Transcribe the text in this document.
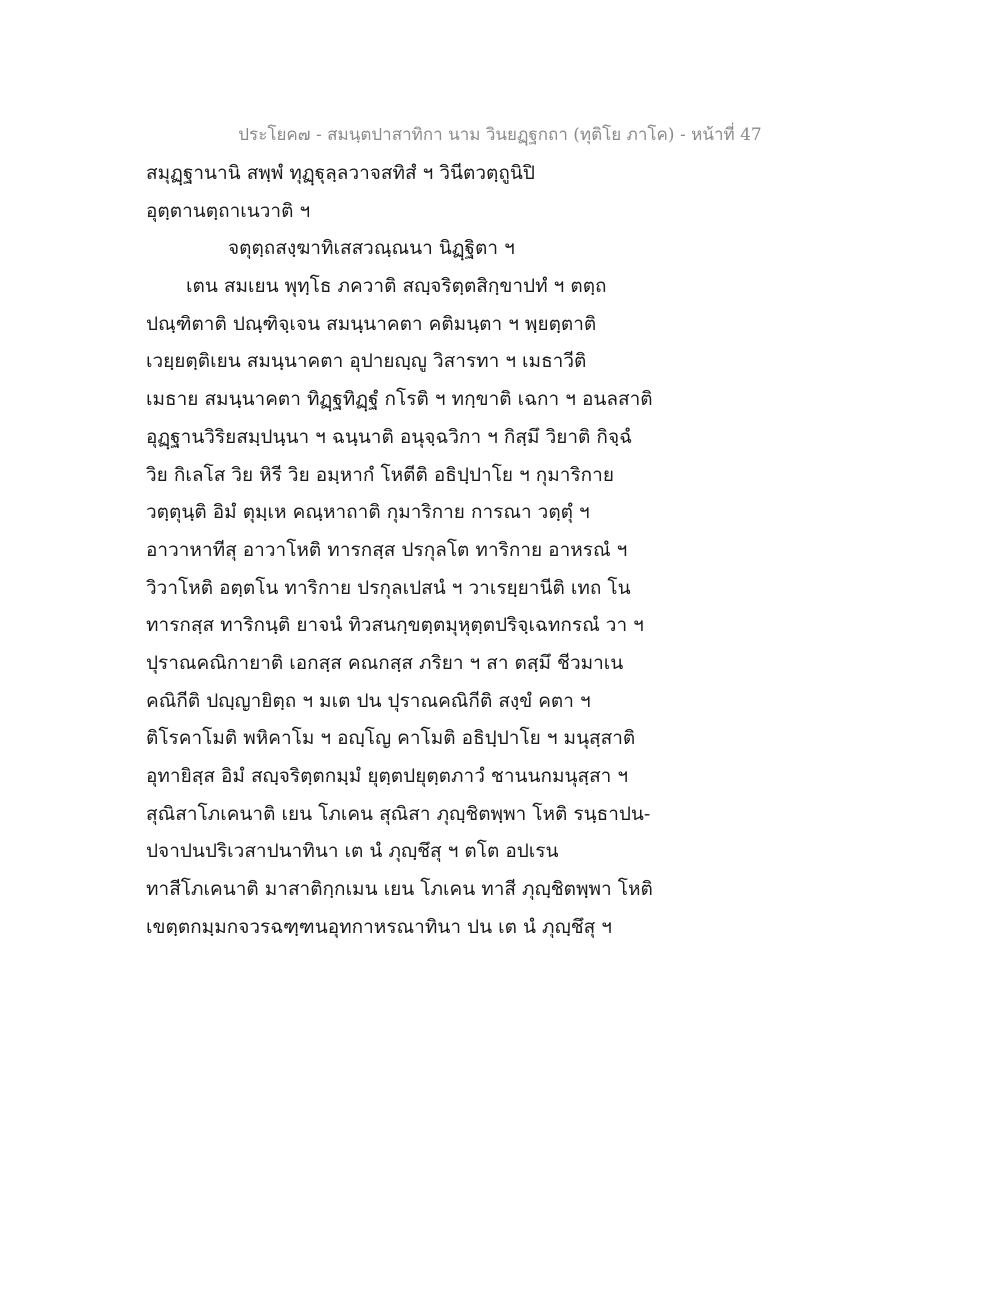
ประโยค๗ - สมนฺตปาสาทิกา นาม วินยฏฺฐกถา (ทุติโย ภาโค) - หน้าที่ 47
สมุฏฺฐานานิ สพฺพํ ทุฏฺฐุลฺลวาจสทิสํ ฯ วินีตวตฺถูนิปิ
อุตฺตานตฺถาเนวาติ ฯ
จตุตฺถสงฺฆาทิเสสวณฺณนา นิฏฺฐิตา ฯ
เตน สมเยน พุทฺโธ ภควาติ สญฺจริตฺตสิกฺขาปทํ ฯ ตตฺถ
ปณฺฑิตาติ ปณฺฑิจฺเจน สมนฺนาคตา คติมนฺตา ฯ พฺยตฺตาติ
เวยฺยตฺติเยน สมนฺนาคตา อุปายญฺญู วิสารทา ฯ เมธาวีติ
เมธาย สมนฺนาคตา ทิฏฺฐทิฏฺฐํ กโรติ ฯ ทกฺขาติ เฉกา ฯ อนลสาติ
อุฏฺฐานวิริยสมฺปนฺนา ฯ ฉนฺนาติ อนุจฺฉวิกา ฯ กิสฺมึ วิยาติ กิจฺฉํ
วิย กิเลโส วิย หิรี วิย อมฺหากํ โหตีติ อธิปฺปาโย ฯ กุมาริกาย
วตฺตุนฺติ อิมํ ตุมฺเห คณฺหาถาติ กุมาริกาย การณา วตฺตุํ ฯ
อาวาหาทีสุ อาวาโหติ ทารกสฺส ปรกุลโต ทาริกาย อาหรณํ ฯ
วิวาโหติ อตฺตโน ทาริกาย ปรกุลเปสนํ ฯ วาเรยฺยานีติ เทถ โน
ทารกสฺส ทาริกนฺติ ยาจนํ ทิวสนกฺขตฺตมุหุตฺตปริจฺเฉทกรณํ วา ฯ
ปุราณคณิกายาติ เอกสฺส คณกสฺส ภริยา ฯ สา ตสฺมึ ชีวมาเน
คณิกีติ ปญฺญายิตฺถ ฯ มเต ปน ปุราณคณิกีติ สงฺขํ คตา ฯ
ติโรคาโมติ พหิคาโม ฯ อญฺโญ คาโมติ อธิปฺปาโย ฯ มนุสฺสาติ
อุทายิสฺส อิมํ สญฺจริตฺตกมฺมํ ยุตฺตปยุตฺตภาวํ ชานนกมนุสฺสา ฯ
สุณิสาโภเคนาติ เยน โภเคน สุณิสา ภุญฺชิตพฺพา โหติ รนฺธาปน-
ปจาปนปริเวสาปนาทินา เต นํ ภุญฺชึสุ ฯ ตโต อปเรน
ทาสีโภเคนาติ มาสาติกฺกเมน เยน โภเคน ทาสี ภุญฺชิตพฺพา โหติ
เขตฺตกมฺมกจวรฉฑฺฑนอุทกาหรณาทินา ปน เต นํ ภุญฺชึสุ ฯ
